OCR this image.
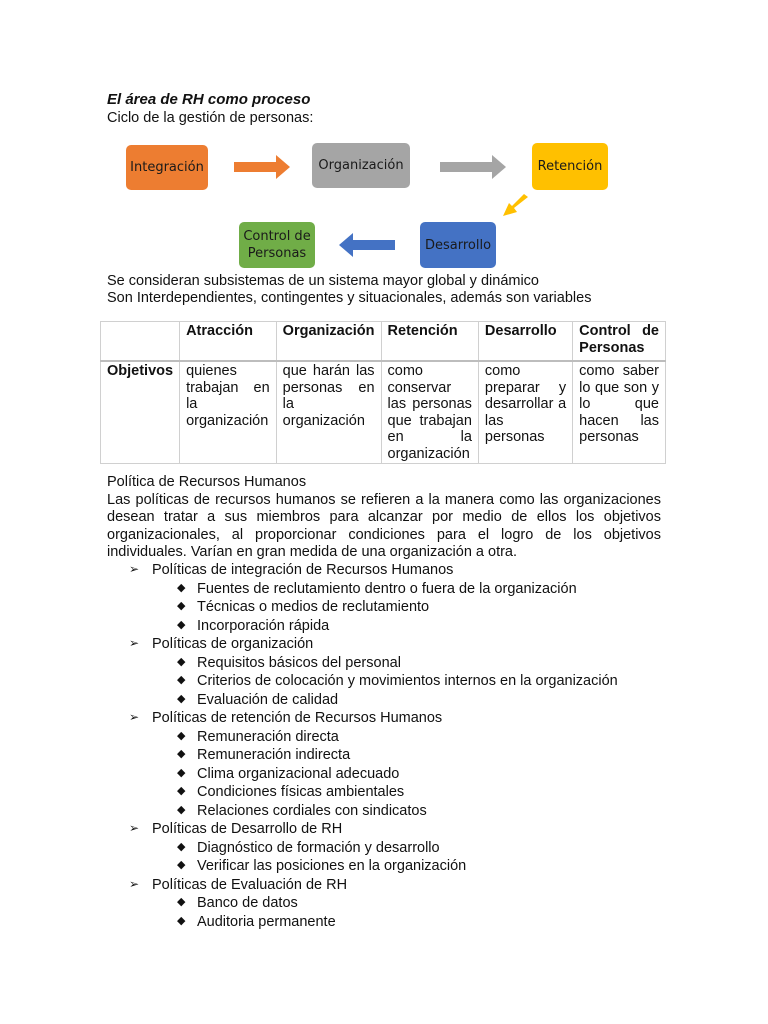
El área de RH como proceso
Ciclo de la gestión de personas:
Integración	Organización	Retención
Desarrollo
Control de
Personas
Se consideran subsistemas de un sistema mayor global y dinámico
Son Interdependientes, contingentes y situacionales, además son variables
	Atracción	Organización	Retención	Desarrollo	Control de Personas
Objetivos	quienes trabajan en la organización	que harán las personas en la organización	como conservar las personas que trabajan en la organización	como preparar y desarrollar a las personas	como saber lo que son y lo que hacen las personas

Política de Recursos Humanos

Las políticas de recursos humanos se refieren a la manera como las organizaciones desean tratar a sus miembros para alcanzar por medio de ellos los objetivos organizacionales, al proporcionar condiciones para el logro de los objetivos individuales. Varían en gran medida de una organización a otra.

➢ Políticas de integración de Recursos Humanos
◆ Fuentes de reclutamiento dentro o fuera de la organización
◆ Técnicas o medios de reclutamiento
◆ Incorporación rápida
➢ Políticas de organización
◆ Requisitos básicos del personal
◆ Criterios de colocación y movimientos internos en la organización
◆ Evaluación de calidad
➢ Políticas de retención de Recursos Humanos
◆ Remuneración directa
◆ Remuneración indirecta
◆ Clima organizacional adecuado
◆ Condiciones físicas ambientales
◆ Relaciones cordiales con sindicatos
➢ Políticas de Desarrollo de RH
◆ Diagnóstico de formación y desarrollo
◆ Verificar las posiciones en la organización
➢ Políticas de Evaluación de RH
◆ Banco de datos
◆ Auditoria permanente
